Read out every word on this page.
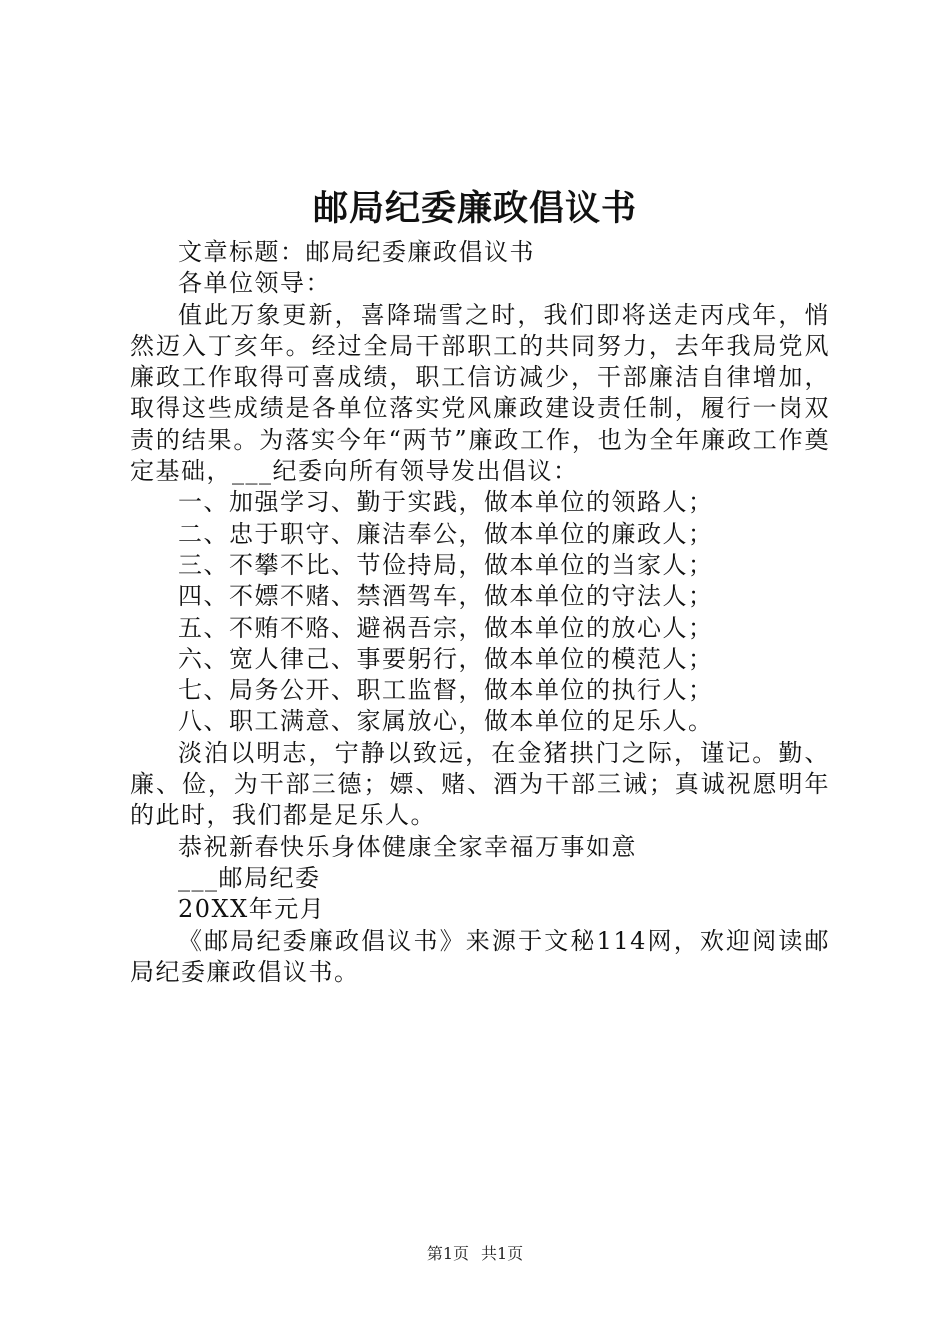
邮局纪委廉政倡议书

文章标题：邮局纪委廉政倡议书

各单位领导：

值此万象更新，喜降瑞雪之时，我们即将送走丙戌年，悄然迈入丁亥年。经过全局干部职工的共同努力，去年我局党风廉政工作取得可喜成绩，职工信访减少，干部廉洁自律增加，取得这些成绩是各单位落实党风廉政建设责任制，履行一岗双责的结果。为落实今年“两节”廉政工作，也为全年廉政工作奠定基础，___纪委向所有领导发出倡议：

一、加强学习、勤于实践，做本单位的领路人；

二、忠于职守、廉洁奉公，做本单位的廉政人；

三、不攀不比、节俭持局，做本单位的当家人；

四、不嫖不赌、禁酒驾车，做本单位的守法人；

五、不贿不赂、避祸吾宗，做本单位的放心人；

六、宽人律己、事要躬行，做本单位的模范人；

七、局务公开、职工监督，做本单位的执行人；

八、职工满意、家属放心，做本单位的足乐人。

淡泊以明志，宁静以致远，在金猪拱门之际，谨记。勤、廉、俭，为干部三德；嫖、赌、酒为干部三诫；真诚祝愿明年的此时，我们都是足乐人。

恭祝新春快乐身体健康全家幸福万事如意

___邮局纪委

20XX年元月

《邮局纪委廉政倡议书》来源于文秘114网，欢迎阅读邮局纪委廉政倡议书。

第1页 共1页
